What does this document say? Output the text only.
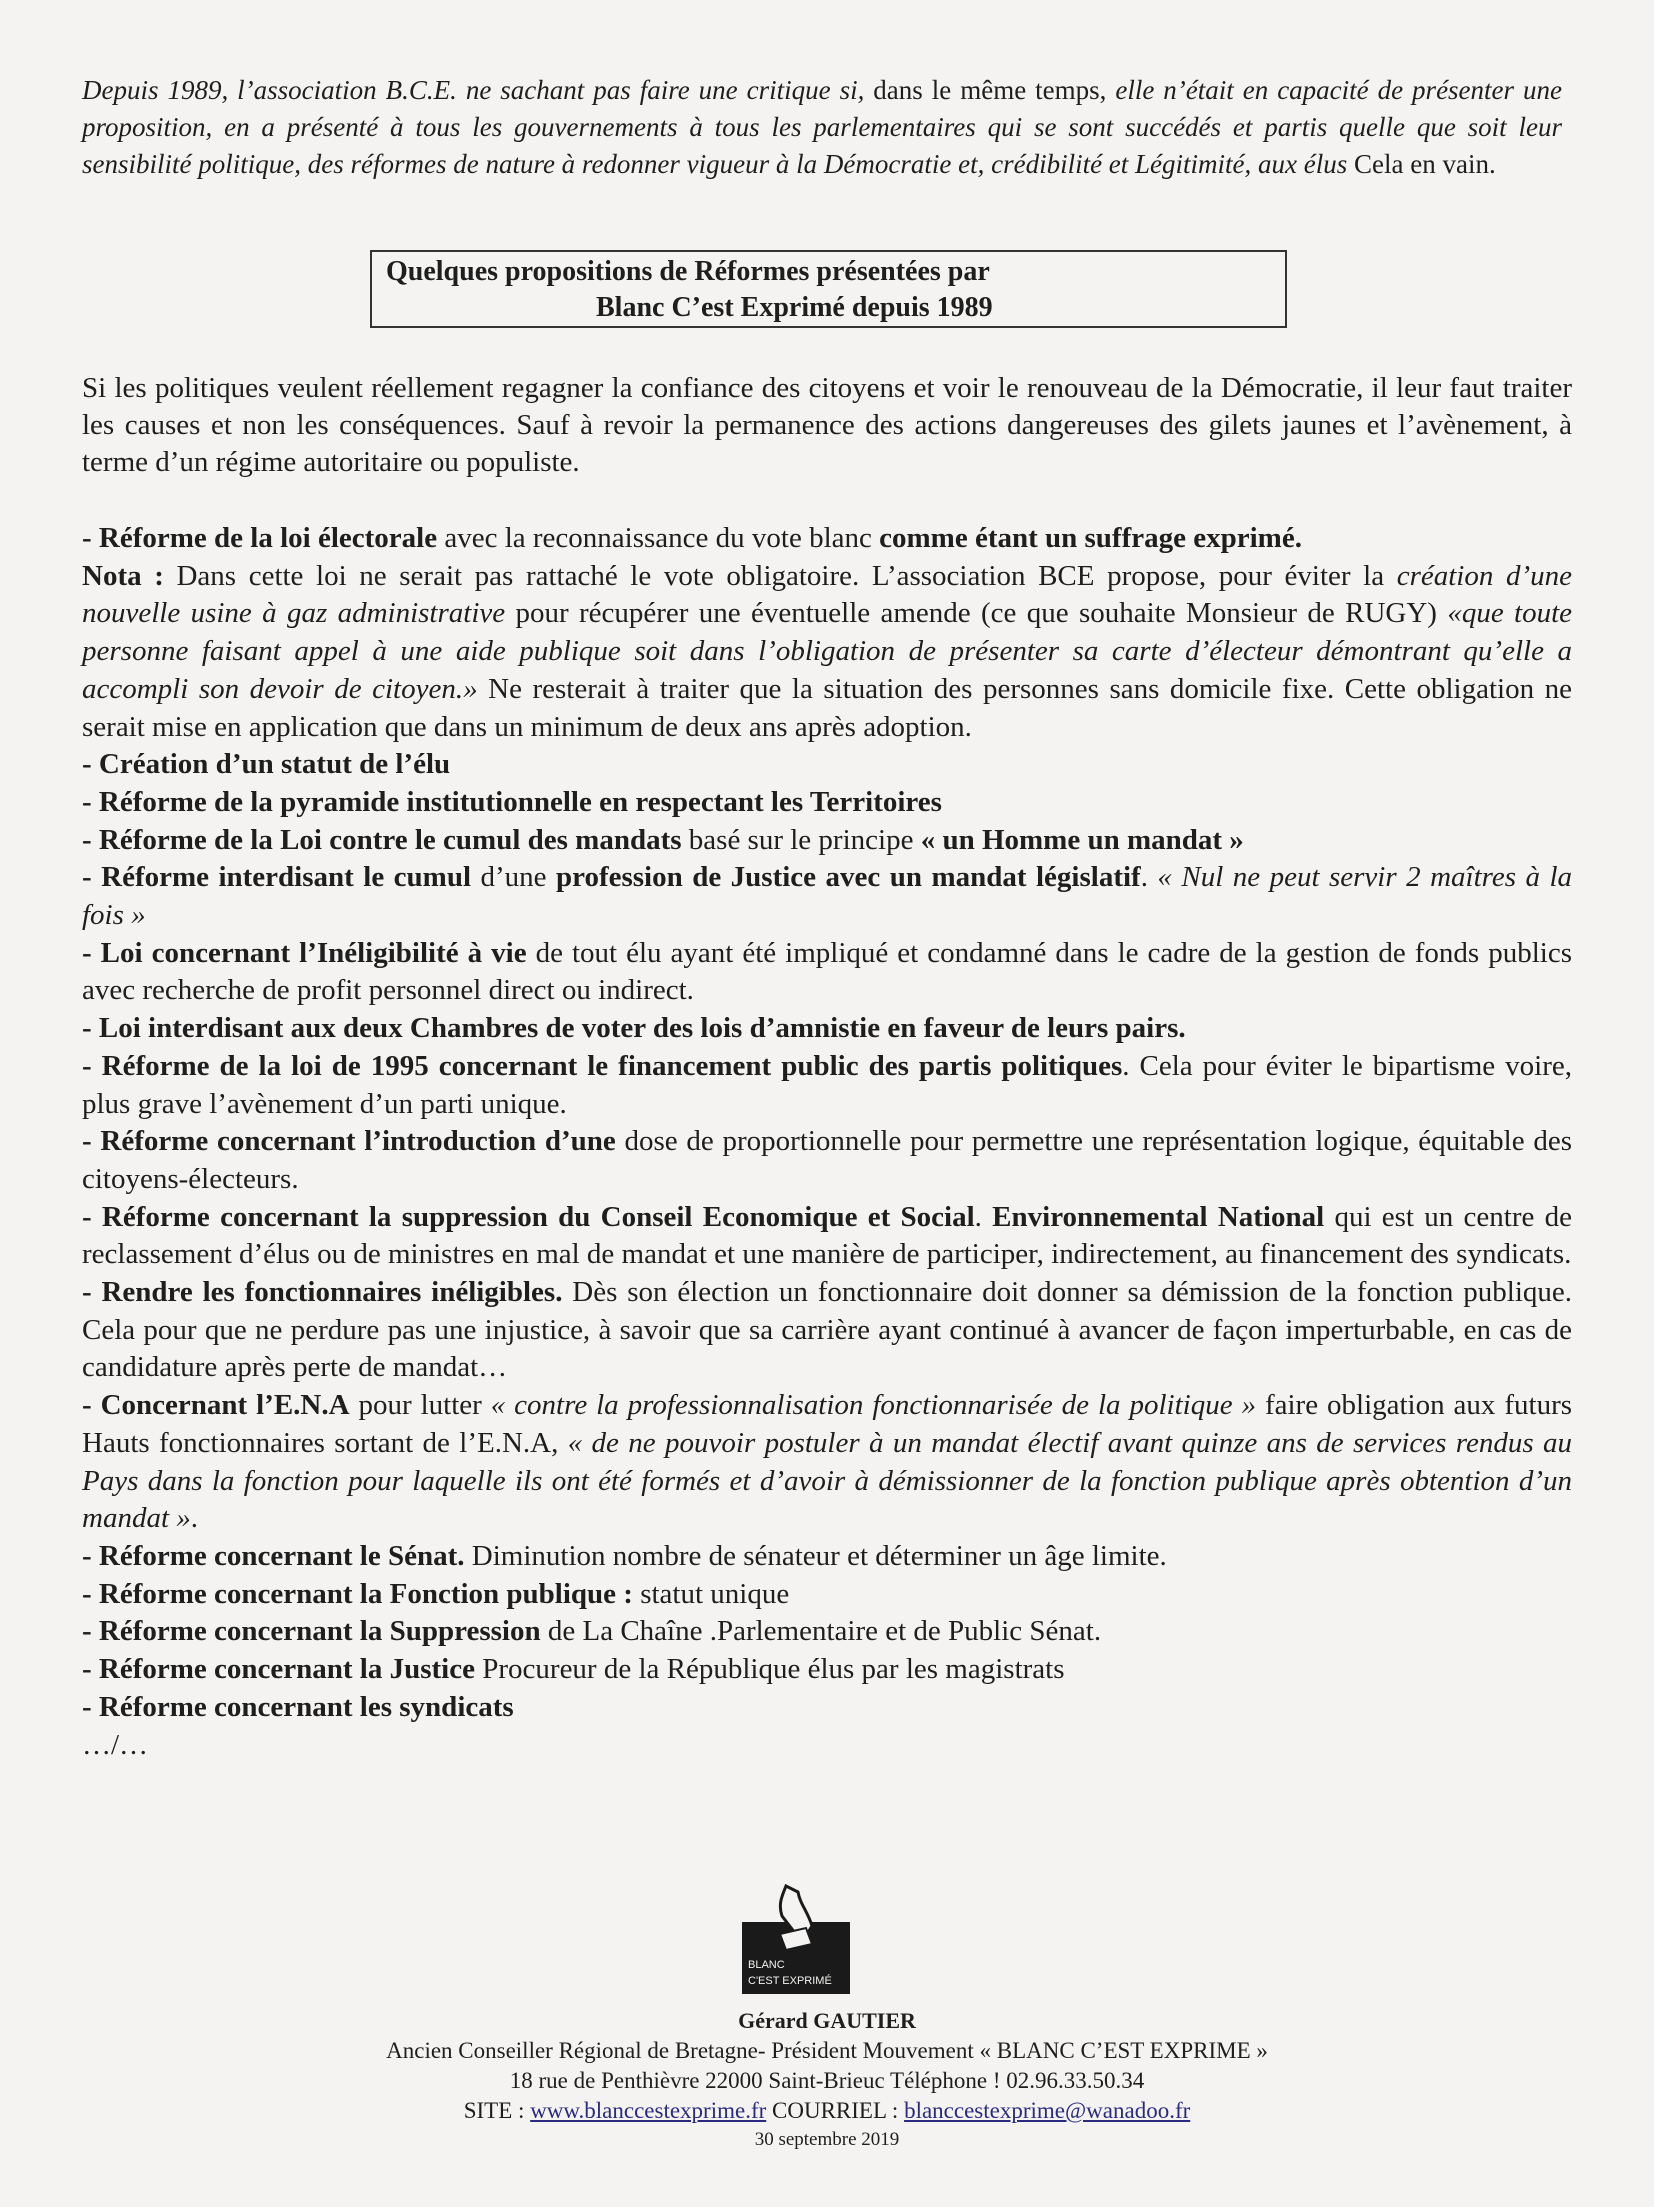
Depuis 1989, l’association B.C.E. ne sachant pas faire une critique si, dans le même temps, elle n’était en capacité de présenter une proposition, en a présenté à tous les gouvernements à tous les parlementaires qui se sont succédés et partis quelle que soit leur sensibilité politique, des réformes de nature à redonner vigueur à la Démocratie et, crédibilité et Légitimité, aux élus Cela en vain.
Quelques propositions de Réformes présentées par
Blanc C’est Exprimé depuis 1989
Si les politiques veulent réellement regagner la confiance des citoyens et voir le renouveau de la Démocratie, il leur faut traiter les causes et non les conséquences. Sauf à revoir la permanence des actions dangereuses des gilets jaunes et l’avènement, à terme d’un régime autoritaire ou populiste.

- Réforme de la loi électorale avec la reconnaissance du vote blanc comme étant un suffrage exprimé.

Nota : Dans cette loi ne serait pas rattaché le vote obligatoire. L’association BCE propose, pour éviter la création d’une nouvelle usine à gaz administrative pour récupérer une éventuelle amende (ce que souhaite Monsieur de RUGY) «que toute personne faisant appel à une aide publique soit dans l’obligation de présenter sa carte d’électeur démontrant qu’elle a accompli son devoir de citoyen.» Ne resterait à traiter que la situation des personnes sans domicile fixe. Cette obligation ne serait mise en application que dans un minimum de deux ans après adoption.

- Création d’un statut de l’élu

- Réforme de la pyramide institutionnelle en respectant les Territoires

- Réforme de la Loi contre le cumul des mandats basé sur le principe « un Homme un mandat »

- Réforme interdisant le cumul d’une profession de Justice avec un mandat législatif. « Nul ne peut servir 2 maîtres à la fois »

- Loi concernant l’Inéligibilité à vie de tout élu ayant été impliqué et condamné dans le cadre de la gestion de fonds publics avec recherche de profit personnel direct ou indirect.

- Loi interdisant aux deux Chambres de voter des lois d’amnistie en faveur de leurs pairs.

- Réforme de la loi de 1995 concernant le financement public des partis politiques. Cela pour éviter le bipartisme voire, plus grave l’avènement d’un parti unique.

- Réforme concernant l’introduction d’une dose de proportionnelle pour permettre une représentation logique, équitable des citoyens-électeurs.

- Réforme concernant la suppression du Conseil Economique et Social. Environnemental National qui est un centre de reclassement d’élus ou de ministres en mal de mandat et une manière de participer, indirectement, au financement des syndicats.

- Rendre les fonctionnaires inéligibles. Dès son élection un fonctionnaire doit donner sa démission de la fonction publique. Cela pour que ne perdure pas une injustice, à savoir que sa carrière ayant continué à avancer de façon imperturbable, en cas de candidature après perte de mandat…

- Concernant l’E.N.A pour lutter « contre la professionnalisation fonctionnarisée de la politique » faire obligation aux futurs Hauts fonctionnaires sortant de l’E.N.A, « de ne pouvoir postuler à un mandat électif avant quinze ans de services rendus au Pays dans la fonction pour laquelle ils ont été formés et d’avoir à démissionner de la fonction publique après obtention d’un mandat ».

- Réforme concernant le Sénat. Diminution nombre de sénateur et déterminer un âge limite.

- Réforme concernant la Fonction publique : statut unique

- Réforme concernant la Suppression de La Chaîne .Parlementaire et de Public Sénat.

- Réforme concernant la Justice Procureur de la République élus par les magistrats

- Réforme concernant les syndicats

…/…

BLANC
C'EST EXPRIMÉ
Gérard GAUTIER
Ancien Conseiller Régional de Bretagne- Président Mouvement « BLANC C’EST EXPRIME »
18 rue de Penthièvre 22000 Saint-Brieuc Téléphone ! 02.96.33.50.34
SITE : www.blanccestexprime.fr COURRIEL : blanccestexprime@wanadoo.fr
30 septembre 2019
